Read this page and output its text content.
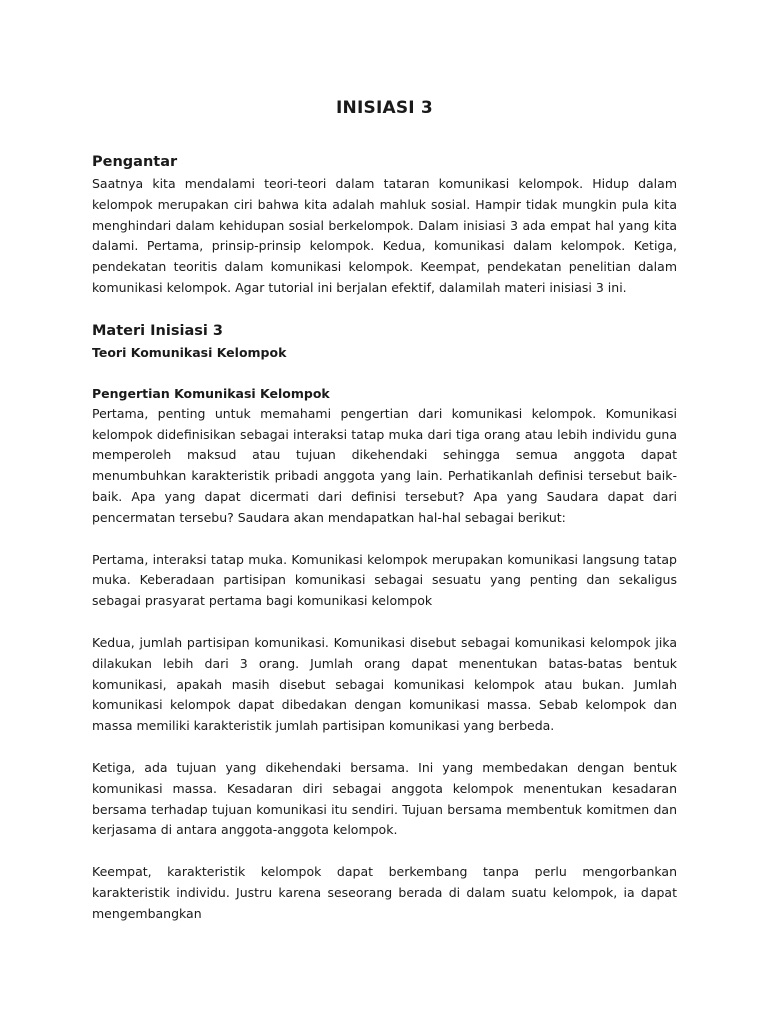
INISIASI 3
Pengantar

Saatnya kita mendalami teori-teori dalam tataran komunikasi kelompok. Hidup dalam kelompok merupakan ciri bahwa kita adalah mahluk sosial. Hampir tidak mungkin pula kita menghindari dalam kehidupan sosial berkelompok. Dalam inisiasi 3 ada empat hal yang kita dalami. Pertama, prinsip-prinsip kelompok. Kedua, komunikasi dalam kelompok. Ketiga, pendekatan teoritis dalam komunikasi kelompok. Keempat, pendekatan penelitian dalam komunikasi kelompok. Agar tutorial ini berjalan efektif, dalamilah materi inisiasi 3 ini.

Materi Inisiasi 3
Teori Komunikasi Kelompok
Pengertian Komunikasi Kelompok

Pertama, penting untuk memahami pengertian dari komunikasi kelompok. Komunikasi kelompok didefinisikan sebagai interaksi tatap muka dari tiga orang atau lebih individu guna memperoleh maksud atau tujuan dikehendaki sehingga semua anggota dapat menumbuhkan karakteristik pribadi anggota yang lain. Perhatikanlah definisi tersebut baik-baik. Apa yang dapat dicermati dari definisi tersebut? Apa yang Saudara dapat dari pencermatan tersebu? Saudara akan mendapatkan hal-hal sebagai berikut:

Pertama, interaksi tatap muka. Komunikasi kelompok merupakan komunikasi langsung tatap muka. Keberadaan partisipan komunikasi sebagai sesuatu yang penting dan sekaligus sebagai prasyarat pertama bagi komunikasi kelompok

Kedua, jumlah partisipan komunikasi. Komunikasi disebut sebagai komunikasi kelompok jika dilakukan lebih dari 3 orang. Jumlah orang dapat menentukan batas-batas bentuk komunikasi, apakah masih disebut sebagai komunikasi kelompok atau bukan. Jumlah komunikasi kelompok dapat dibedakan dengan komunikasi massa. Sebab kelompok dan massa memiliki karakteristik jumlah partisipan komunikasi yang berbeda.

Ketiga, ada tujuan yang dikehendaki bersama. Ini yang membedakan dengan bentuk komunikasi massa. Kesadaran diri sebagai anggota kelompok menentukan kesadaran bersama terhadap tujuan komunikasi itu sendiri. Tujuan bersama membentuk komitmen dan kerjasama di antara anggota-anggota kelompok.

Keempat, karakteristik kelompok dapat berkembang tanpa perlu mengorbankan karakteristik individu. Justru karena seseorang berada di dalam suatu kelompok, ia dapat mengembangkan
